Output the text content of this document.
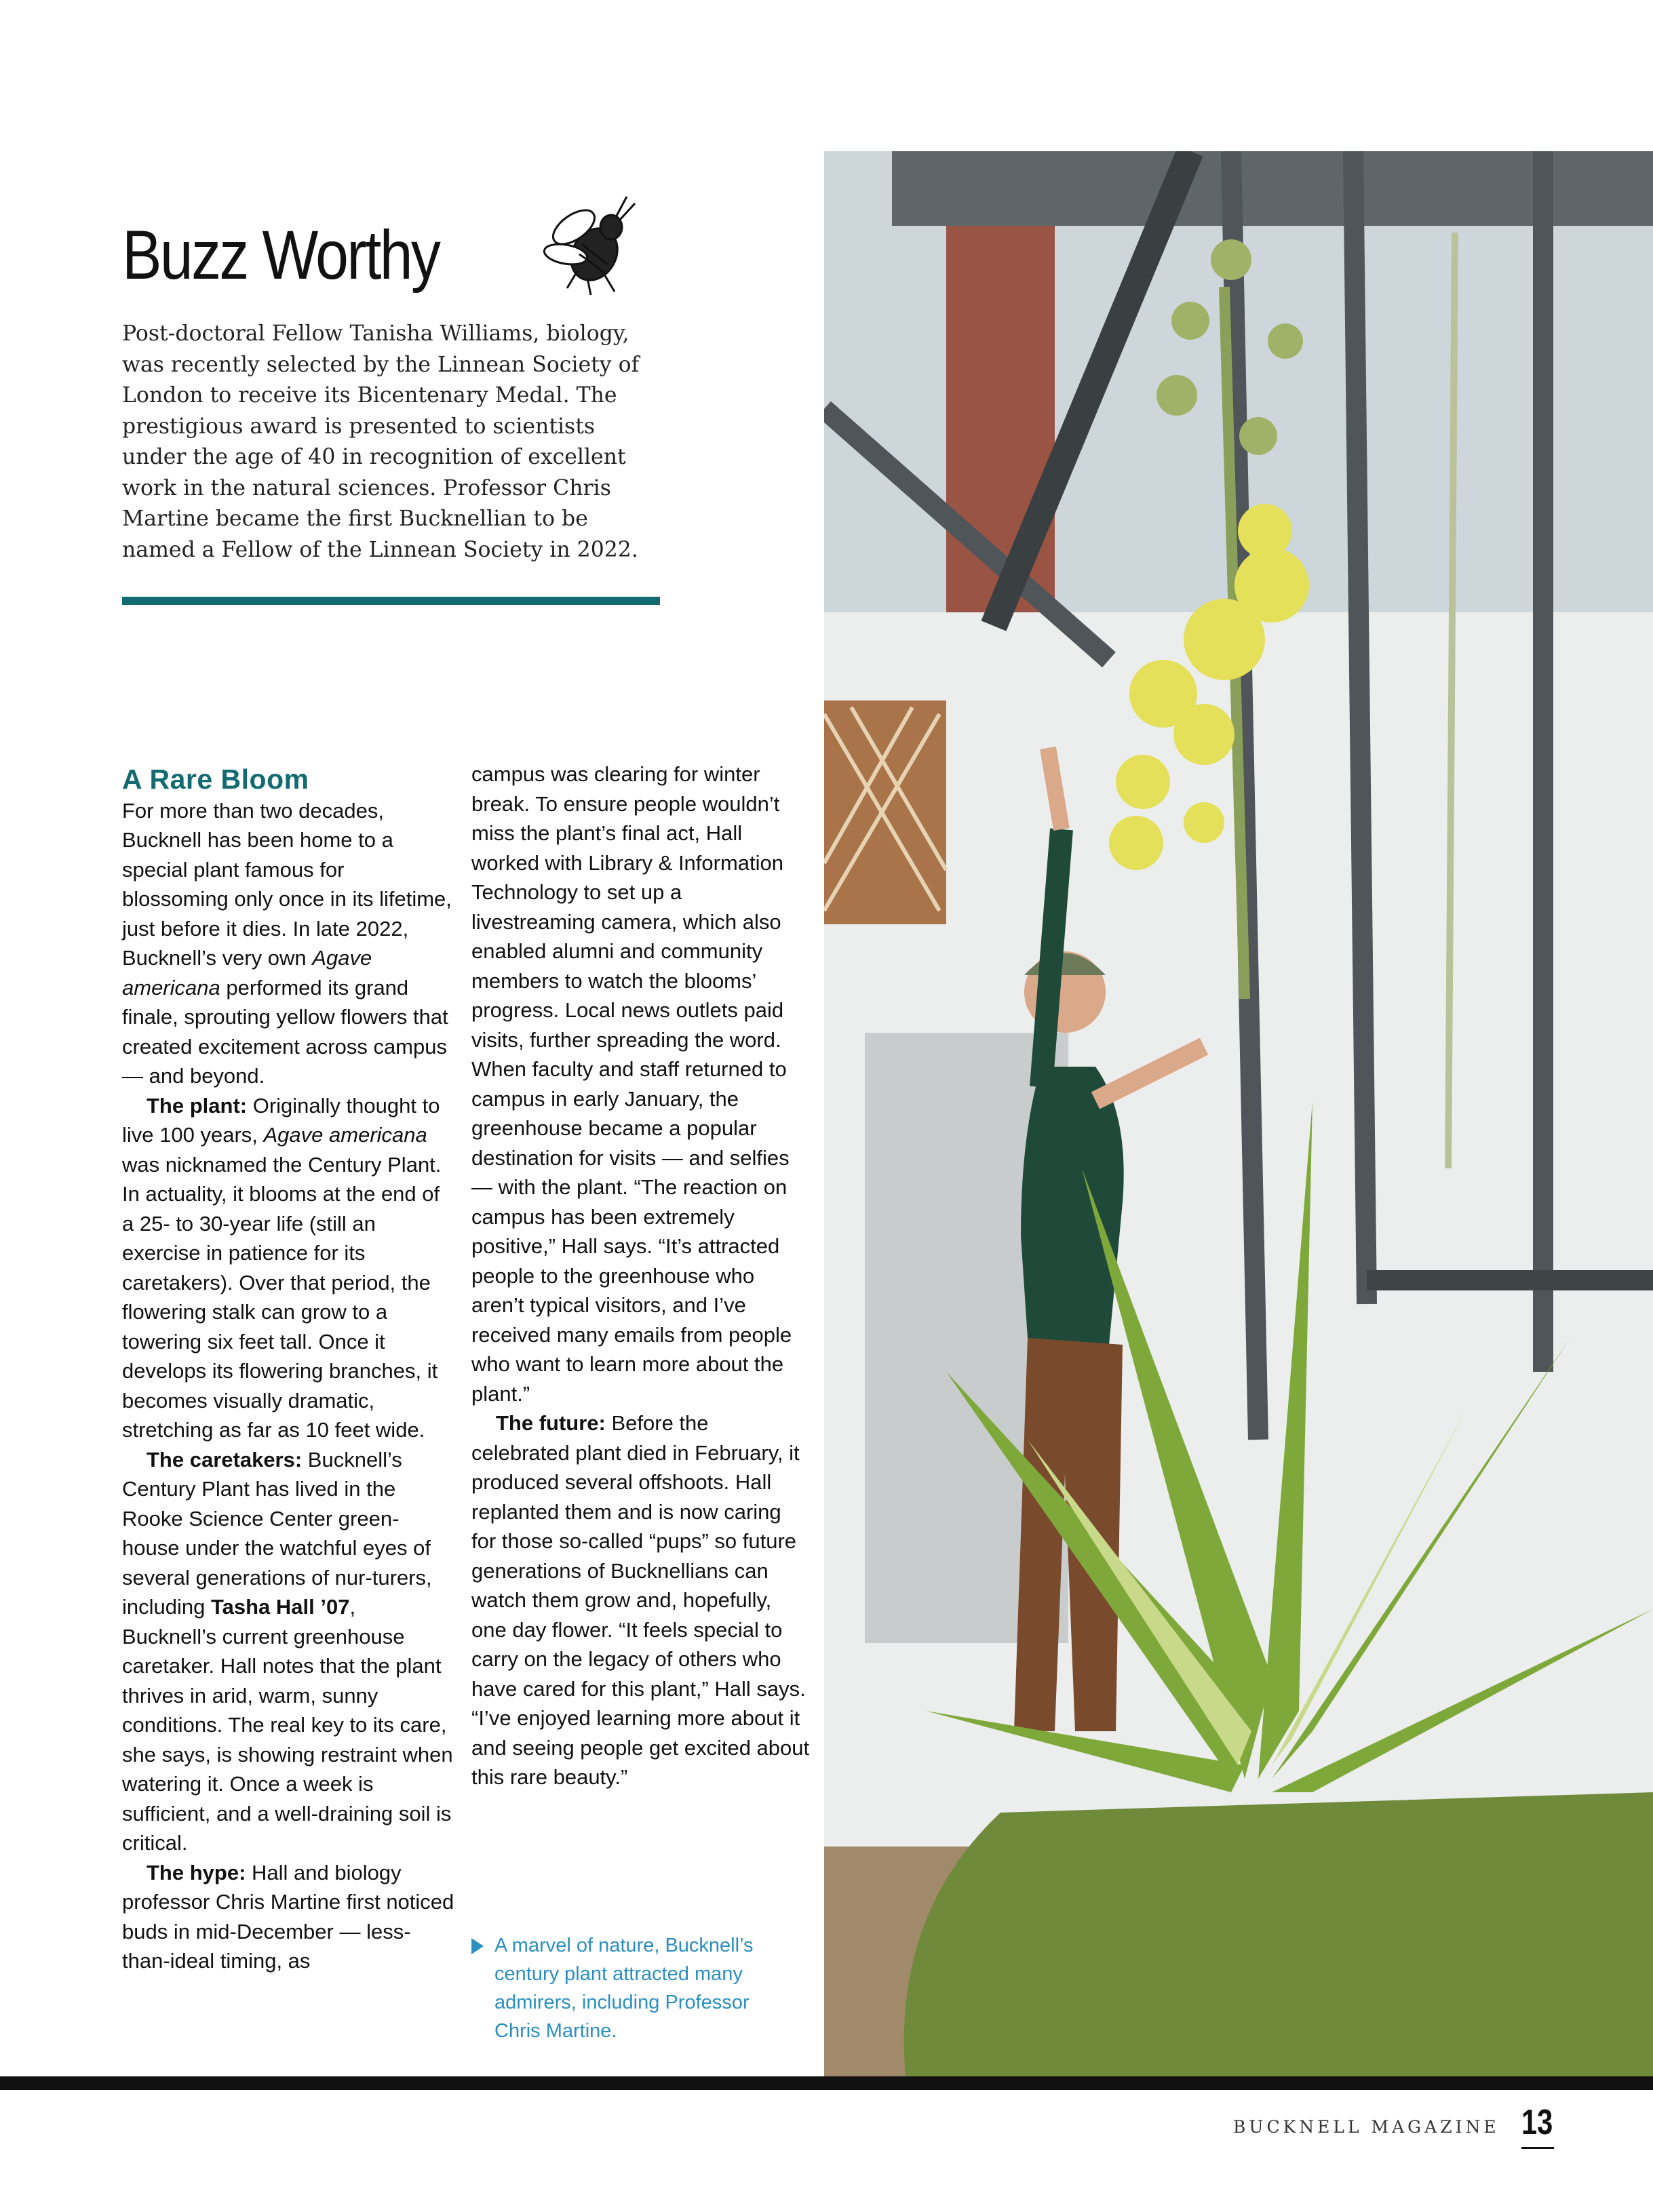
Buzz Worthy

Post-doctoral Fellow Tanisha Williams, biology, was recently selected by the Linnean Society of London to receive its Bicentenary Medal. The prestigious award is presented to scientists under the age of 40 in recognition of excellent work in the natural sciences. Professor Chris Martine became the first Bucknellian to be named a Fellow of the Linnean Society in 2022.

A Rare Bloom

For more than two decades, Bucknell has been home to a special plant famous for blossoming only once in its lifetime, just before it dies. In late 2022, Bucknell’s very own Agave americana performed its grand finale, sprouting yellow flowers that created excitement across campus — and beyond.

The plant: Originally thought to live 100 years, Agave americana was nicknamed the Century Plant. In actuality, it blooms at the end of a 25- to 30-year life (still an exercise in patience for its caretakers). Over that period, the flowering stalk can grow to a towering six feet tall. Once it develops its flowering branches, it becomes visually dramatic, stretching as far as 10 feet wide.

The caretakers: Bucknell’s Century Plant has lived in the Rooke Science Center green-house under the watchful eyes of several generations of nur-turers, including Tasha Hall ’07, Bucknell’s current greenhouse caretaker. Hall notes that the plant thrives in arid, warm, sunny conditions. The real key to its care, she says, is showing restraint when watering it. Once a week is sufficient, and a well-draining soil is critical.

The hype: Hall and biology professor Chris Martine first noticed buds in mid-December — less-than-ideal timing, as

campus was clearing for winter break. To ensure people wouldn’t miss the plant’s final act, Hall worked with Library & Information Technology to set up a livestreaming camera, which also enabled alumni and community members to watch the blooms’ progress. Local news outlets paid visits, further spreading the word. When faculty and staff returned to campus in early January, the greenhouse became a popular destination for visits — and selfies — with the plant. “The reaction on campus has been extremely positive,” Hall says. “It’s attracted people to the greenhouse who aren’t typical visitors, and I’ve received many emails from people who want to learn more about the plant.”

The future: Before the celebrated plant died in February, it produced several offshoots. Hall replanted them and is now caring for those so-called “pups” so future generations of Bucknellians can watch them grow and, hopefully, one day flower. “It feels special to carry on the legacy of others who have cared for this plant,” Hall says. “I’ve enjoyed learning more about it and seeing people get excited about this rare beauty.”

A marvel of nature, Bucknell’s century plant attracted many admirers, including Professor Chris Martine.
BUCKNELL MAGAZINE 13
